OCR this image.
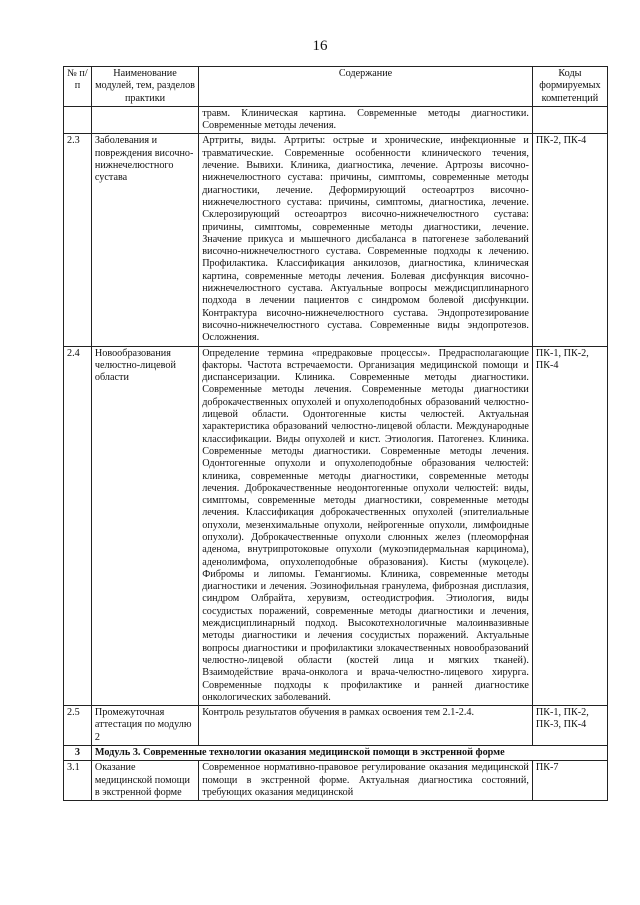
16
№ п/п	Наименование модулей, тем, разделов практики	Содержание	Коды формируемых компетенций
		травм. Клиническая картина. Современные методы диагностики. Современные методы лечения.	
2.3	Заболевания и повреждения височно-нижнечелюстного сустава	Артриты, виды. Артриты: острые и хронические, инфекционные и травматические. Современные особенности клинического течения, лечение. Вывихи. Клиника, диагностика, лечение. Артрозы височно-нижнечелюстного сустава: причины, симптомы, современные методы диагностики, лечение. Деформирующий остеоартроз височно-нижнечелюстного сустава: причины, симптомы, диагностика, лечение. Склерозирующий остеоартроз височно-нижнечелюстного сустава: причины, симптомы, современные методы диагностики, лечение. Значение прикуса и мышечного дисбаланса в патогенезе заболеваний височно-нижнечелюстного сустава. Современные подходы к лечению. Профилактика. Классификация анкилозов, диагностика, клиническая картина, современные методы лечения. Болевая дисфункция височно-нижнечелюстного сустава. Актуальные вопросы междисциплинарного подхода в лечении пациентов с синдромом болевой дисфункции. Контрактура височно-нижнечелюстного сустава. Эндопротезирование височно-нижнечелюстного сустава. Современные виды эндопротезов. Осложнения.	ПК-2, ПК-4
2.4	Новообразования челюстно-лицевой области	Определение термина «предраковые процессы». Предрасполагающие факторы. Частота встречаемости. Организация медицинской помощи и диспансеризации. Клиника. Современные методы диагностики. Современные методы лечения. Современные методы диагностики доброкачественных опухолей и опухолеподобных образований челюстно-лицевой области. Одонтогенные кисты челюстей. Актуальная характеристика образований челюстно-лицевой области. Международные классификации. Виды опухолей и кист. Этиология. Патогенез. Клиника. Современные методы диагностики. Современные методы лечения. Одонтогенные опухоли и опухолеподобные образования челюстей: клиника, современные методы диагностики, современные методы лечения. Доброкачественные неодонтогенные опухоли челюстей: виды, симптомы, современные методы диагностики, современные методы лечения. Классификация доброкачественных опухолей (эпителиальные опухоли, мезенхимальные опухоли, нейрогенные опухоли, лимфоидные опухоли). Доброкачественные опухоли слюнных желез (плеоморфная аденома, внутрипротоковые опухоли (мукоэпидермальная карцинома), аденолимфома, опухолеподобные образования). Кисты (мукоцеле). Фибромы и липомы. Гемангиомы. Клиника, современные методы диагностики и лечения. Эозинофильная гранулема, фиброзная дисплазия, синдром Олбрайта, херувизм, остеодистрофия. Этиология, виды сосудистых поражений, современные методы диагностики и лечения, междисциплинарный подход. Высокотехнологичные малоинвазивные методы диагностики и лечения сосудистых поражений. Актуальные вопросы диагностики и профилактики злокачественных новообразований челюстно-лицевой области (костей лица и мягких тканей). Взаимодействие врача-онколога и врача-челюстно-лицевого хирурга. Современные подходы к профилактике и ранней диагностике онкологических заболеваний.	ПК-1, ПК-2, ПК-4
2.5	Промежуточная аттестация по модулю 2	Контроль результатов обучения в рамках освоения тем 2.1-2.4.	ПК-1, ПК-2, ПК-3, ПК-4
3	Модуль 3. Современные технологии оказания медицинской помощи в экстренной форме		
3.1	Оказание медицинской помощи в экстренной форме	Современное нормативно-правовое регулирование оказания медицинской помощи в экстренной форме. Актуальная диагностика состояний, требующих оказания медицинской	ПК-7
